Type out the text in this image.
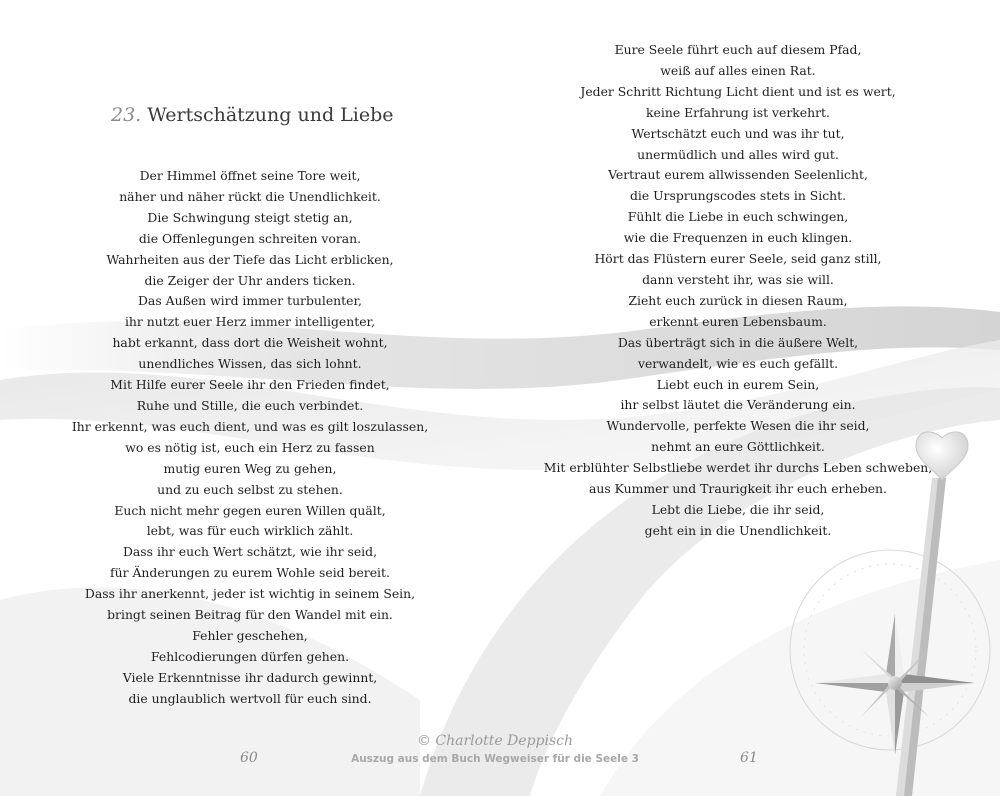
23. Wertschätzung und Liebe
Der Himmel öffnet seine Tore weit,
näher und näher rückt die Unendlichkeit.
Die Schwingung steigt stetig an,
die Offenlegungen schreiten voran.
Wahrheiten aus der Tiefe das Licht erblicken,
die Zeiger der Uhr anders ticken.
Das Außen wird immer turbulenter,
ihr nutzt euer Herz immer intelligenter,
habt erkannt, dass dort die Weisheit wohnt,
unendliches Wissen, das sich lohnt.
Mit Hilfe eurer Seele ihr den Frieden findet,
Ruhe und Stille, die euch verbindet.
Ihr erkennt, was euch dient, und was es gilt loszulassen,
wo es nötig ist, euch ein Herz zu fassen
mutig euren Weg zu gehen,
und zu euch selbst zu stehen.
Euch nicht mehr gegen euren Willen quält,
lebt, was für euch wirklich zählt.
Dass ihr euch Wert schätzt, wie ihr seid,
für Änderungen zu eurem Wohle seid bereit.
Dass ihr anerkennt, jeder ist wichtig in seinem Sein,
bringt seinen Beitrag für den Wandel mit ein.
Fehler geschehen,
Fehlcodierungen dürfen gehen.
Viele Erkenntnisse ihr dadurch gewinnt,
die unglaublich wertvoll für euch sind.
Eure Seele führt euch auf diesem Pfad,
weiß auf alles einen Rat.
Jeder Schritt Richtung Licht dient und ist es wert,
keine Erfahrung ist verkehrt.
Wertschätzt euch und was ihr tut,
unermüdlich und alles wird gut.
Vertraut eurem allwissenden Seelenlicht,
die Ursprungscodes stets in Sicht.
Fühlt die Liebe in euch schwingen,
wie die Frequenzen in euch klingen.
Hört das Flüstern eurer Seele, seid ganz still,
dann versteht ihr, was sie will.
Zieht euch zurück in diesen Raum,
erkennt euren Lebensbaum.
Das überträgt sich in die äußere Welt,
verwandelt, wie es euch gefällt.
Liebt euch in eurem Sein,
ihr selbst läutet die Veränderung ein.
Wundervolle, perfekte Wesen die ihr seid,
nehmt an eure Göttlichkeit.
Mit erblühter Selbstliebe werdet ihr durchs Leben schweben,
aus Kummer und Traurigkeit ihr euch erheben.
Lebt die Liebe, die ihr seid,
geht ein in die Unendlichkeit.
60	61
© Charlotte Deppisch
Auszug aus dem Buch Wegweiser für die Seele 3
